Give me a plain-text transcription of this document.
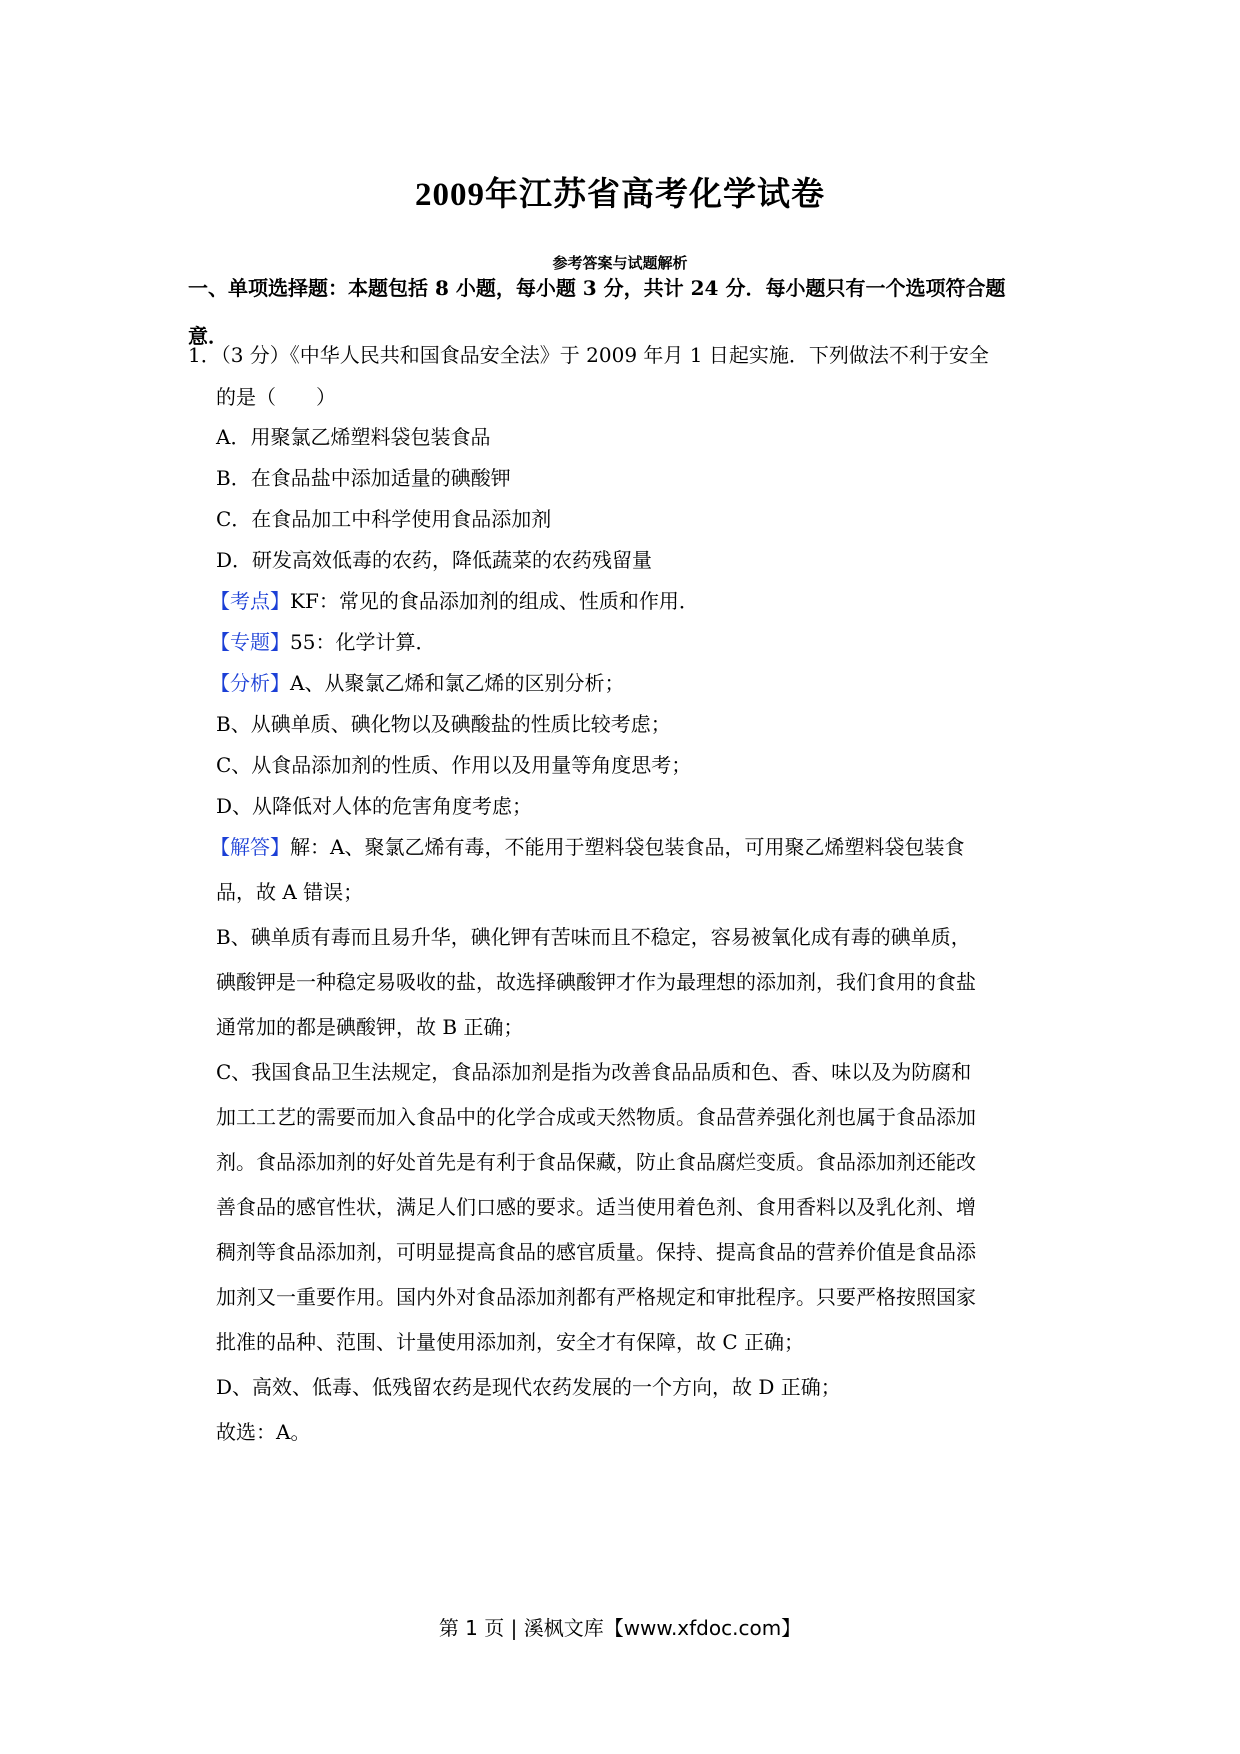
2009年江苏省高考化学试卷
参考答案与试题解析
一、单项选择题：本题包括 8 小题，每小题 3 分，共计 24 分．每小题只有一个选项符合题
意．
1．（3 分）《中华人民共和国食品安全法》于 2009 年月 1 日起实施．下列做法不利于安全
的是（　　）
A．用聚氯乙烯塑料袋包装食品
B．在食品盐中添加适量的碘酸钾
C．在食品加工中科学使用食品添加剂
D．研发高效低毒的农药，降低蔬菜的农药残留量
【考点】KF：常见的食品添加剂的组成、性质和作用．
【专题】55：化学计算．
【分析】A、从聚氯乙烯和氯乙烯的区别分析；
B、从碘单质、碘化物以及碘酸盐的性质比较考虑；
C、从食品添加剂的性质、作用以及用量等角度思考；
D、从降低对人体的危害角度考虑；
【解答】解：A、聚氯乙烯有毒，不能用于塑料袋包装食品，可用聚乙烯塑料袋包装食
品，故 A 错误；
B、碘单质有毒而且易升华，碘化钾有苦味而且不稳定，容易被氧化成有毒的碘单质，
碘酸钾是一种稳定易吸收的盐，故选择碘酸钾才作为最理想的添加剂，我们食用的食盐
通常加的都是碘酸钾，故 B 正确；
C、我国食品卫生法规定，食品添加剂是指为改善食品品质和色、香、味以及为防腐和
加工工艺的需要而加入食品中的化学合成或天然物质。食品营养强化剂也属于食品添加
剂。食品添加剂的好处首先是有利于食品保藏，防止食品腐烂变质。食品添加剂还能改
善食品的感官性状，满足人们口感的要求。适当使用着色剂、食用香料以及乳化剂、增
稠剂等食品添加剂，可明显提高食品的感官质量。保持、提高食品的营养价值是食品添
加剂又一重要作用。国内外对食品添加剂都有严格规定和审批程序。只要严格按照国家
批准的品种、范围、计量使用添加剂，安全才有保障，故 C 正确；
D、高效、低毒、低残留农药是现代农药发展的一个方向，故 D 正确；
故选：A。
第 1 页 | 溪枫文库【www.xfdoc.com】
